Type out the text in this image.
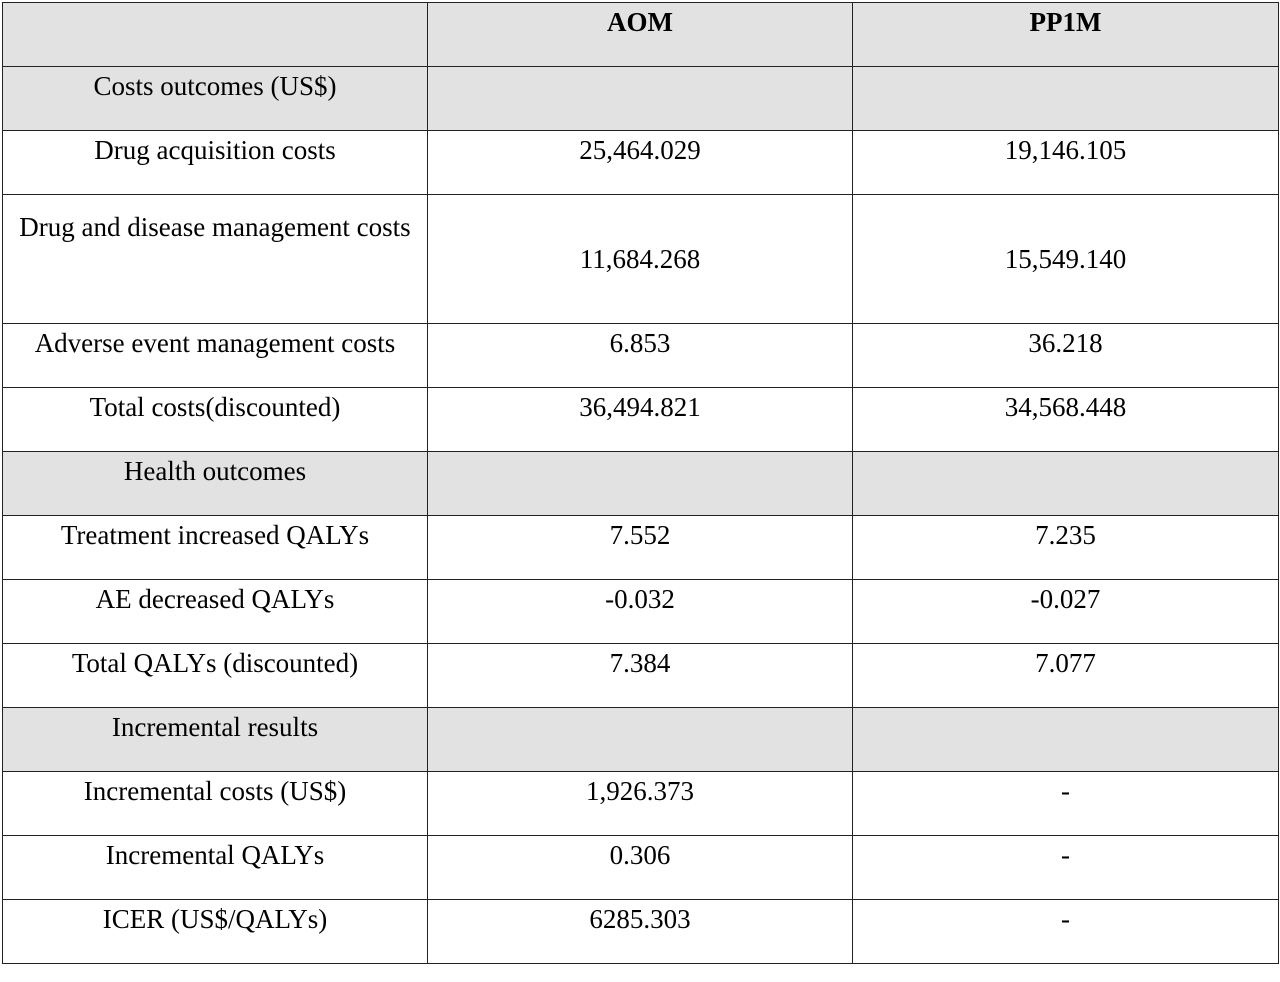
	AOM	PP1M
Costs outcomes (US$)		
Drug acquisition costs	25,464.029	19,146.105
Drug and disease management costs	11,684.268	15,549.140
Adverse event management costs	6.853	36.218
Total costs(discounted)	36,494.821	34,568.448
Health outcomes		
Treatment increased QALYs	7.552	7.235
AE decreased QALYs	-0.032	-0.027
Total QALYs (discounted)	7.384	7.077
Incremental results		
Incremental costs (US$)	1,926.373	-
Incremental QALYs	0.306	-
ICER (US$/QALYs)	6285.303	-
